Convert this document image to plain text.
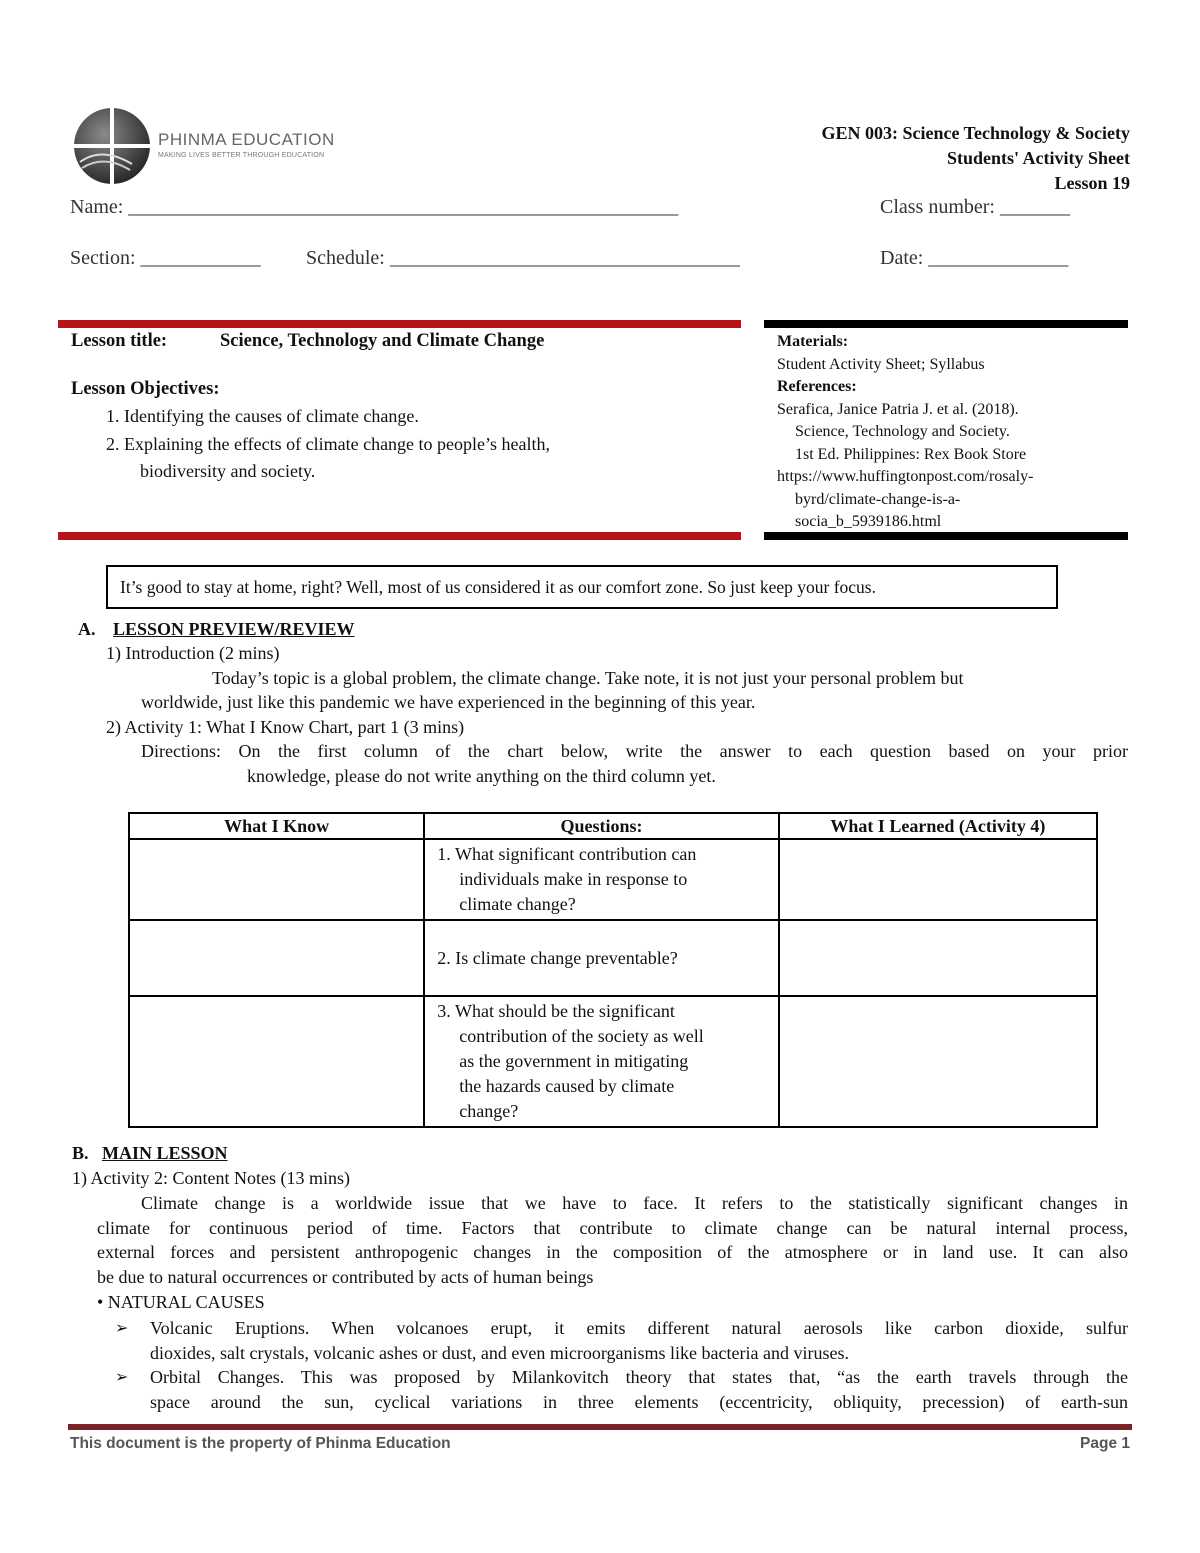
PHINMA EDUCATION
MAKING LIVES BETTER THROUGH EDUCATION
GEN 003: Science Technology & Society
Students' Activity Sheet
Lesson 19
Name: _______________________________________________________	Class number: _______
Section: ____________ Schedule: ___________________________________	Date: ______________
Lesson title:	Science, Technology and Climate Change
Lesson Objectives:
1. Identifying the causes of climate change.
2. Explaining the effects of climate change to people’s health,
biodiversity and society.
Materials:
Student Activity Sheet; Syllabus
References:
Serafica, Janice Patria J. et al. (2018).
Science, Technology and Society.
1st Ed. Philippines: Rex Book Store
https://www.huffingtonpost.com/rosaly-
byrd/climate-change-is-a-
socia_b_5939186.html
It’s good to stay at home, right? Well, most of us considered it as our comfort zone. So just keep your focus.
A. LESSON PREVIEW/REVIEW
1) Introduction (2 mins)
Today’s topic is a global problem, the climate change. Take note, it is not just your personal problem but
worldwide, just like this pandemic we have experienced in the beginning of this year.
2) Activity 1: What I Know Chart, part 1 (3 mins)
Directions: On the first column of the chart below, write the answer to each question based on your prior
knowledge, please do not write anything on the third column yet.
What I Know	Questions:	What I Learned (Activity 4)

	1. What significant contribution can
individuals make in response to
climate change?	

	2. Is climate change preventable?	

	3. What should be the significant
contribution of the society as well
as the government in mitigating
the hazards caused by climate
change?	

B. MAIN LESSON
1) Activity 2: Content Notes (13 mins)
Climate change is a worldwide issue that we have to face. It refers to the statistically significant changes in
climate for continuous period of time. Factors that contribute to climate change can be natural internal process,
external forces and persistent anthropogenic changes in the composition of the atmosphere or in land use. It can also
be due to natural occurrences or contributed by acts of human beings
• NATURAL CAUSES
➢ Volcanic Eruptions. When volcanoes erupt, it emits different natural aerosols like carbon dioxide, sulfur
dioxides, salt crystals, volcanic ashes or dust, and even microorganisms like bacteria and viruses.
➢ Orbital Changes. This was proposed by Milankovitch theory that states that, “as the earth travels through the
space around the sun, cyclical variations in three elements (eccentricity, obliquity, precession) of earth-sun
This document is the property of Phinma Education	Page 1
